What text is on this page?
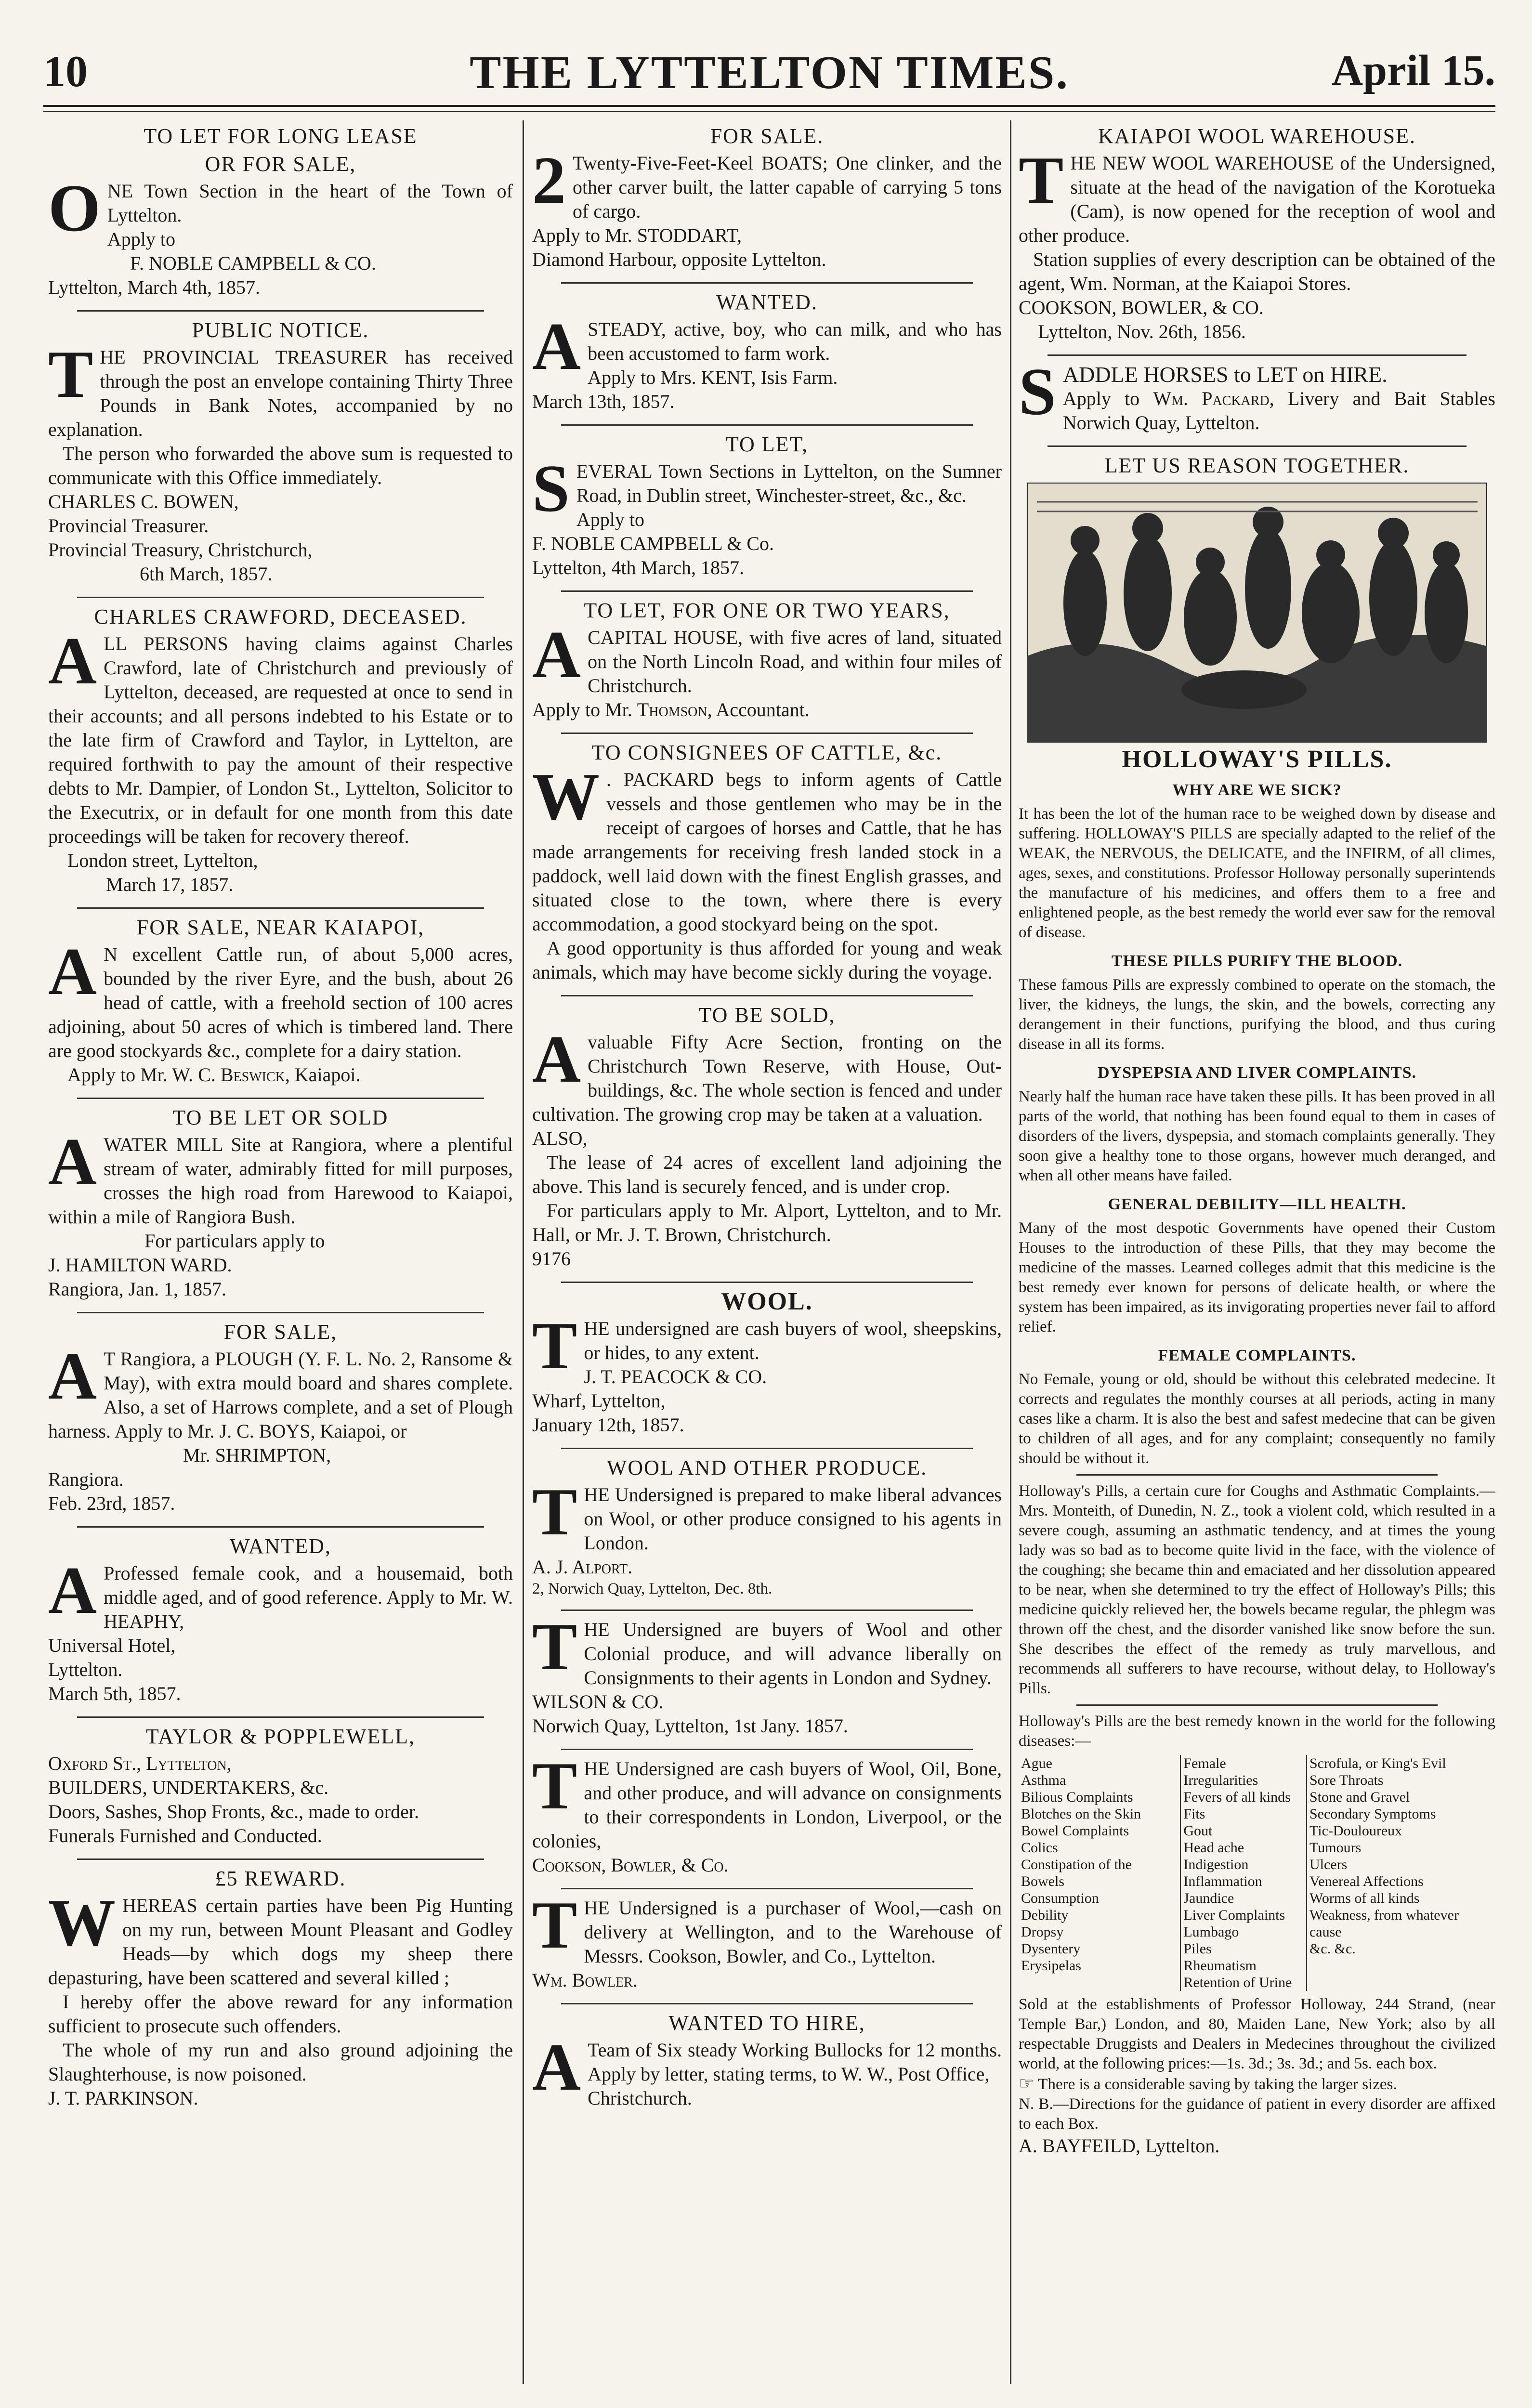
10	THE LYTTELTON TIMES.	April 15.
TO LET FOR LONG LEASE
OR FOR SALE,

ONE Town Section in the heart of the Town of Lyttelton.

Apply to

F. NOBLE CAMPBELL & CO.

Lyttelton, March 4th, 1857.

PUBLIC NOTICE.

THE PROVINCIAL TREASURER has received through the post an envelope containing Thirty Three Pounds in Bank Notes, accompanied by no explanation.

The person who forwarded the above sum is requested to communicate with this Office immediately.

CHARLES C. BOWEN,

Provincial Treasurer.

Provincial Treasury, Christchurch,

6th March, 1857.

CHARLES CRAWFORD, DECEASED.

ALL PERSONS having claims against Charles Crawford, late of Christchurch and previously of Lyttelton, deceased, are requested at once to send in their accounts; and all persons indebted to his Estate or to the late firm of Crawford and Taylor, in Lyttelton, are required forthwith to pay the amount of their respective debts to Mr. Dampier, of London St., Lyttelton, Solicitor to the Executrix, or in default for one month from this date proceedings will be taken for recovery thereof.

London street, Lyttelton,

March 17, 1857.

FOR SALE, NEAR KAIAPOI,

A N excellent Cattle run, of about 5,000 acres, bounded by the river Eyre, and the bush, about 26 head of cattle, with a freehold section of 100 acres adjoining, about 50 acres of which is timbered land. There are good stockyards &c., complete for a dairy station.

Apply to Mr. W. C. Beswick, Kaiapoi.

TO BE LET OR SOLD

AWATER MILL Site at Rangiora, where a plentiful stream of water, admirably fitted for mill purposes, crosses the high road from Harewood to Kaiapoi, within a mile of Rangiora Bush.

For particulars apply to

J. HAMILTON WARD.

Rangiora, Jan. 1, 1857.

FOR SALE,

A T Rangiora, a PLOUGH (Y. F. L. No. 2, Ransome & May), with extra mould board and shares complete. Also, a set of Harrows complete, and a set of Plough harness. Apply to Mr. J. C. BOYS, Kaiapoi, or

Mr. SHRIMPTON,

Rangiora.

Feb. 23rd, 1857.

WANTED,

A Professed female cook, and a housemaid, both middle aged, and of good reference. Apply to Mr. W. HEAPHY,

Universal Hotel,

Lyttelton.

March 5th, 1857.

TAYLOR & POPPLEWELL,

Oxford St., Lyttelton,

BUILDERS, UNDERTAKERS, &c.

Doors, Sashes, Shop Fronts, &c., made to order.

Funerals Furnished and Conducted.

£5 REWARD.

WHEREAS certain parties have been Pig Hunting on my run, between Mount Pleasant and Godley Heads—by which dogs my sheep there depasturing, have been scattered and several killed ;

I hereby offer the above reward for any information sufficient to prosecute such offenders.

The whole of my run and also ground adjoining the Slaughterhouse, is now poisoned.

J. T. PARKINSON.

FOR SALE.

2 Twenty-Five-Feet-Keel BOATS; One clinker, and the other carver built, the latter capable of carrying 5 tons of cargo.

Apply to Mr. STODDART,

Diamond Harbour, opposite Lyttelton.

WANTED.

ASTEADY, active, boy, who can milk, and who has been accustomed to farm work.

Apply to Mrs. KENT, Isis Farm.

March 13th, 1857.

TO LET,

SEVERAL Town Sections in Lyttelton, on the Sumner Road, in Dublin street, Winchester-street, &c., &c.

Apply to

F. NOBLE CAMPBELL & Co.

Lyttelton, 4th March, 1857.

TO LET, FOR ONE OR TWO YEARS,

ACAPITAL HOUSE, with five acres of land, situated on the North Lincoln Road, and within four miles of Christchurch.

Apply to Mr. Thomson, Accountant.

TO CONSIGNEES OF CATTLE, &c.

W . PACKARD begs to inform agents of Cattle vessels and those gentlemen who may be in the receipt of cargoes of horses and Cattle, that he has made arrangements for receiving fresh landed stock in a paddock, well laid down with the finest English grasses, and situated close to the town, where there is every accommodation, a good stockyard being on the spot.

A good opportunity is thus afforded for young and weak animals, which may have become sickly during the voyage.

TO BE SOLD,

Avaluable Fifty Acre Section, fronting on the Christchurch Town Reserve, with House, Out-buildings, &c. The whole section is fenced and under cultivation. The growing crop may be taken at a valuation.

ALSO,

The lease of 24 acres of excellent land adjoining the above. This land is securely fenced, and is under crop.

For particulars apply to Mr. Alport, Lyttelton, and to Mr. Hall, or Mr. J. T. Brown, Christchurch.

9176

WOOL.

THE undersigned are cash buyers of wool, sheepskins, or hides, to any extent.

J. T. PEACOCK & CO.

Wharf, Lyttelton,

January 12th, 1857.

WOOL AND OTHER PRODUCE.

THE Undersigned is prepared to make liberal advances on Wool, or other produce consigned to his agents in London.

A. J. Alport.

2, Norwich Quay, Lyttelton, Dec. 8th.

THE Undersigned are buyers of Wool and other Colonial produce, and will advance liberally on Consignments to their agents in London and Sydney.

WILSON & CO.

Norwich Quay, Lyttelton, 1st Jany. 1857.

THE Undersigned are cash buyers of Wool, Oil, Bone, and other produce, and will advance on consignments to their correspondents in London, Liverpool, or the colonies,

Cookson, Bowler, & Co.

THE Undersigned is a purchaser of Wool,—cash on delivery at Wellington, and to the Warehouse of Messrs. Cookson, Bowler, and Co., Lyttelton.

Wm. Bowler.

WANTED TO HIRE,

A Team of Six steady Working Bullocks for 12 months. Apply by letter, stating terms, to W. W., Post Office,

Christchurch.

KAIAPOI WOOL WAREHOUSE.

THE NEW WOOL WAREHOUSE of the Undersigned, situate at the head of the navigation of the Korotueka (Cam), is now opened for the reception of wool and other produce.

Station supplies of every description can be obtained of the agent, Wm. Norman, at the Kaiapoi Stores.

COOKSON, BOWLER, & CO.

Lyttelton, Nov. 26th, 1856.

SADDLE HORSES to LET on HIRE.

Apply to Wm. Packard, Livery and Bait Stables Norwich Quay, Lyttelton.

LET US REASON TOGETHER.
HOLLOWAY'S PILLS.
WHY ARE WE SICK?

It has been the lot of the human race to be weighed down by disease and suffering. HOLLOWAY'S PILLS are specially adapted to the relief of the WEAK, the NERVOUS, the DELICATE, and the INFIRM, of all climes, ages, sexes, and constitutions. Professor Holloway personally superintends the manufacture of his medicines, and offers them to a free and enlightened people, as the best remedy the world ever saw for the removal of disease.

THESE PILLS PURIFY THE BLOOD.

These famous Pills are expressly combined to operate on the stomach, the liver, the kidneys, the lungs, the skin, and the bowels, correcting any derangement in their functions, purifying the blood, and thus curing disease in all its forms.

DYSPEPSIA AND LIVER COMPLAINTS.

Nearly half the human race have taken these pills. It has been proved in all parts of the world, that nothing has been found equal to them in cases of disorders of the livers, dyspepsia, and stomach complaints generally. They soon give a healthy tone to those organs, however much deranged, and when all other means have failed.

GENERAL DEBILITY—ILL HEALTH.

Many of the most despotic Governments have opened their Custom Houses to the introduction of these Pills, that they may become the medicine of the masses. Learned colleges admit that this medicine is the best remedy ever known for persons of delicate health, or where the system has been impaired, as its invigorating properties never fail to afford relief.

FEMALE COMPLAINTS.

No Female, young or old, should be without this celebrated medecine. It corrects and regulates the monthly courses at all periods, acting in many cases like a charm. It is also the best and safest medecine that can be given to children of all ages, and for any complaint; consequently no family should be without it.

Holloway's Pills, a certain cure for Coughs and Asthmatic Complaints.—Mrs. Monteith, of Dunedin, N. Z., took a violent cold, which resulted in a severe cough, assuming an asthmatic tendency, and at times the young lady was so bad as to become quite livid in the face, with the violence of the coughing; she became thin and emaciated and her dissolution appeared to be near, when she determined to try the effect of Holloway's Pills; this medicine quickly relieved her, the bowels became regular, the phlegm was thrown off the chest, and the disorder vanished like snow before the sun. She describes the effect of the remedy as truly marvellous, and recommends all sufferers to have recourse, without delay, to Holloway's Pills.

Holloway's Pills are the best remedy known in the world for the following diseases:—

Ague
Asthma
Bilious Complaints
Blotches on the Skin
Bowel Complaints
Colics
Constipation of the Bowels
Consumption
Debility
Dropsy
Dysentery
Erysipelas

Female Irregularities
Fevers of all kinds
Fits
Gout
Head ache
Indigestion
Inflammation
Jaundice
Liver Complaints
Lumbago
Piles
Rheumatism
Retention of Urine

Scrofula, or King's Evil
Sore Throats
Stone and Gravel
Secondary Symptoms
Tic-Douloureux
Tumours
Ulcers
Venereal Affections
Worms of all kinds
Weakness, from whatever cause
&c. &c.

Sold at the establishments of Professor Holloway, 244 Strand, (near Temple Bar,) London, and 80, Maiden Lane, New York; also by all respectable Druggists and Dealers in Medecines throughout the civilized world, at the following prices:—1s. 3d.; 3s. 3d.; and 5s. each box.

☞ There is a considerable saving by taking the larger sizes.

N. B.—Directions for the guidance of patient in every disorder are affixed to each Box.

A. BAYFEILD, Lyttelton.
